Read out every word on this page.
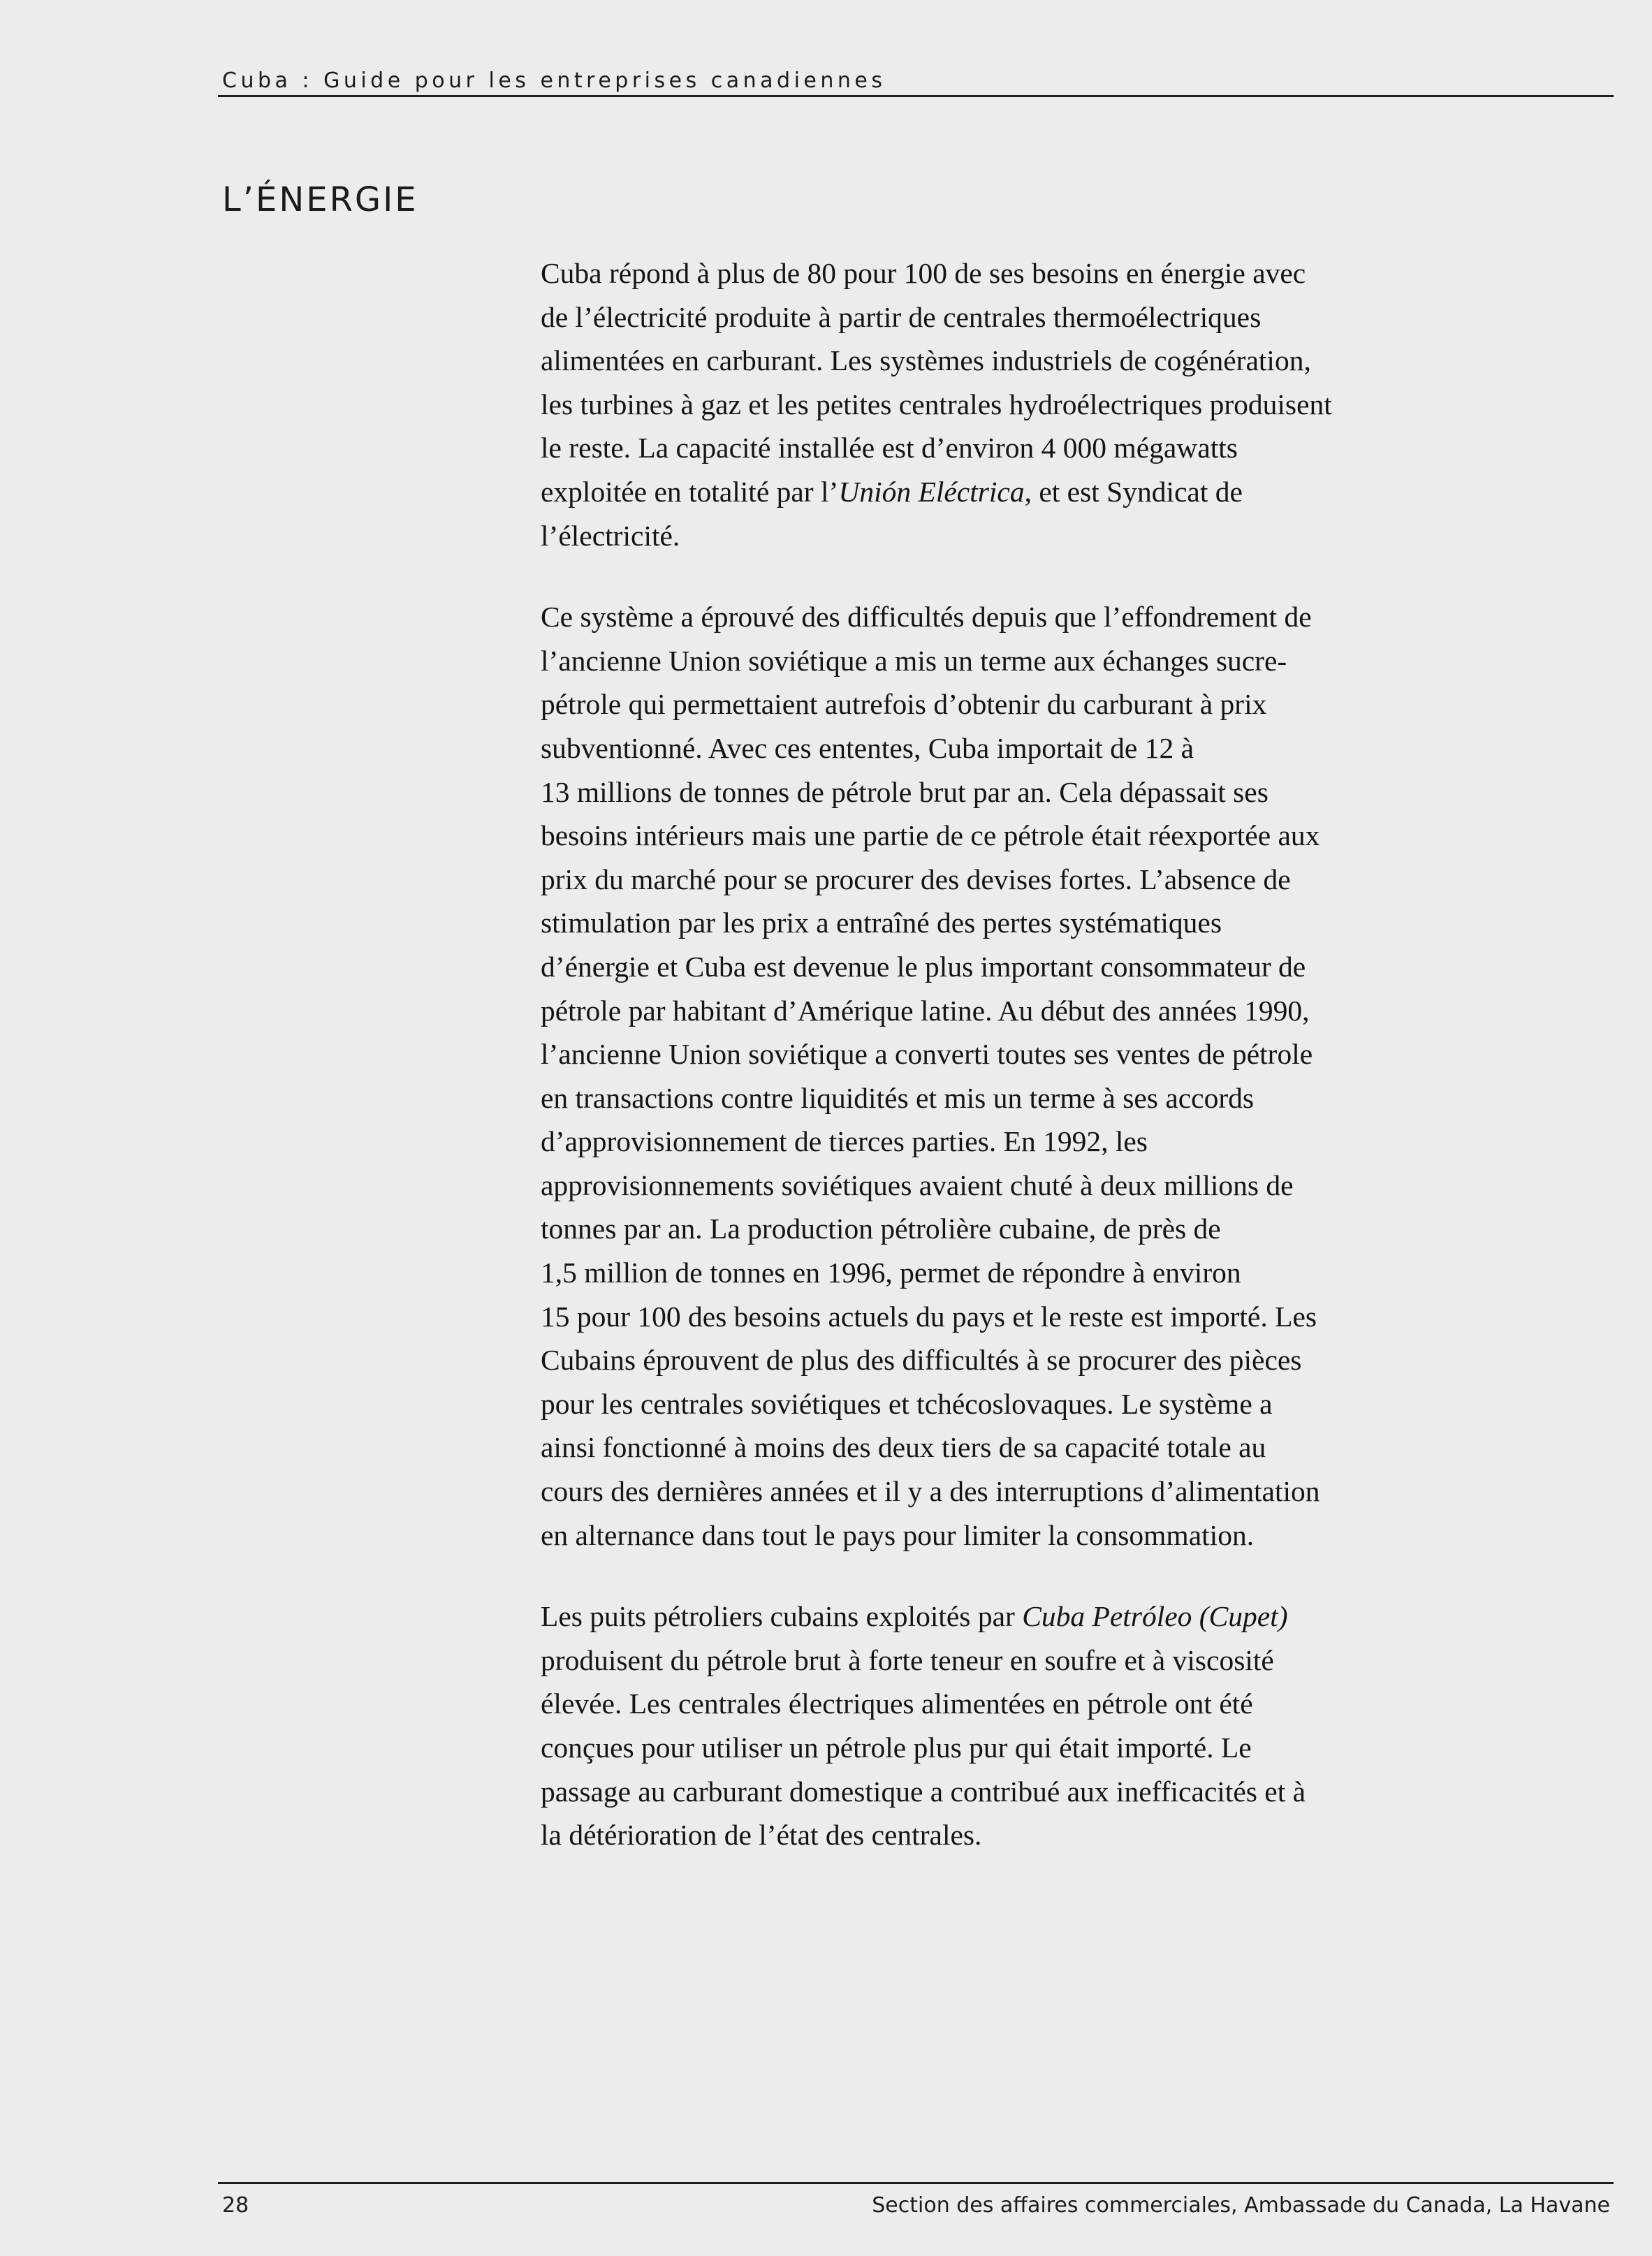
Cuba : Guide pour les entreprises canadiennes
L’ÉNERGIE
Cuba répond à plus de 80 pour 100 de ses besoins en énergie avec
de l’électricité produite à partir de centrales thermoélectriques
alimentées en carburant. Les systèmes industriels de cogénération,
les turbines à gaz et les petites centrales hydroélectriques produisent
le reste. La capacité installée est d’environ 4 000 mégawatts
exploitée en totalité par l’Unión Eléctrica, et est Syndicat de
l’électricité.
Ce système a éprouvé des difficultés depuis que l’effondrement de
l’ancienne Union soviétique a mis un terme aux échanges sucre-
pétrole qui permettaient autrefois d’obtenir du carburant à prix
subventionné. Avec ces ententes, Cuba importait de 12 à
13 millions de tonnes de pétrole brut par an. Cela dépassait ses
besoins intérieurs mais une partie de ce pétrole était réexportée aux
prix du marché pour se procurer des devises fortes. L’absence de
stimulation par les prix a entraîné des pertes systématiques
d’énergie et Cuba est devenue le plus important consommateur de
pétrole par habitant d’Amérique latine. Au début des années 1990,
l’ancienne Union soviétique a converti toutes ses ventes de pétrole
en transactions contre liquidités et mis un terme à ses accords
d’approvisionnement de tierces parties. En 1992, les
approvisionnements soviétiques avaient chuté à deux millions de
tonnes par an. La production pétrolière cubaine, de près de
1,5 million de tonnes en 1996, permet de répondre à environ
15 pour 100 des besoins actuels du pays et le reste est importé. Les
Cubains éprouvent de plus des difficultés à se procurer des pièces
pour les centrales soviétiques et tchécoslovaques. Le système a
ainsi fonctionné à moins des deux tiers de sa capacité totale au
cours des dernières années et il y a des interruptions d’alimentation
en alternance dans tout le pays pour limiter la consommation.
Les puits pétroliers cubains exploités par Cuba Petróleo (Cupet)
produisent du pétrole brut à forte teneur en soufre et à viscosité
élevée. Les centrales électriques alimentées en pétrole ont été
conçues pour utiliser un pétrole plus pur qui était importé. Le
passage au carburant domestique a contribué aux inefficacités et à
la détérioration de l’état des centrales.
28	Section des affaires commerciales, Ambassade du Canada, La Havane
